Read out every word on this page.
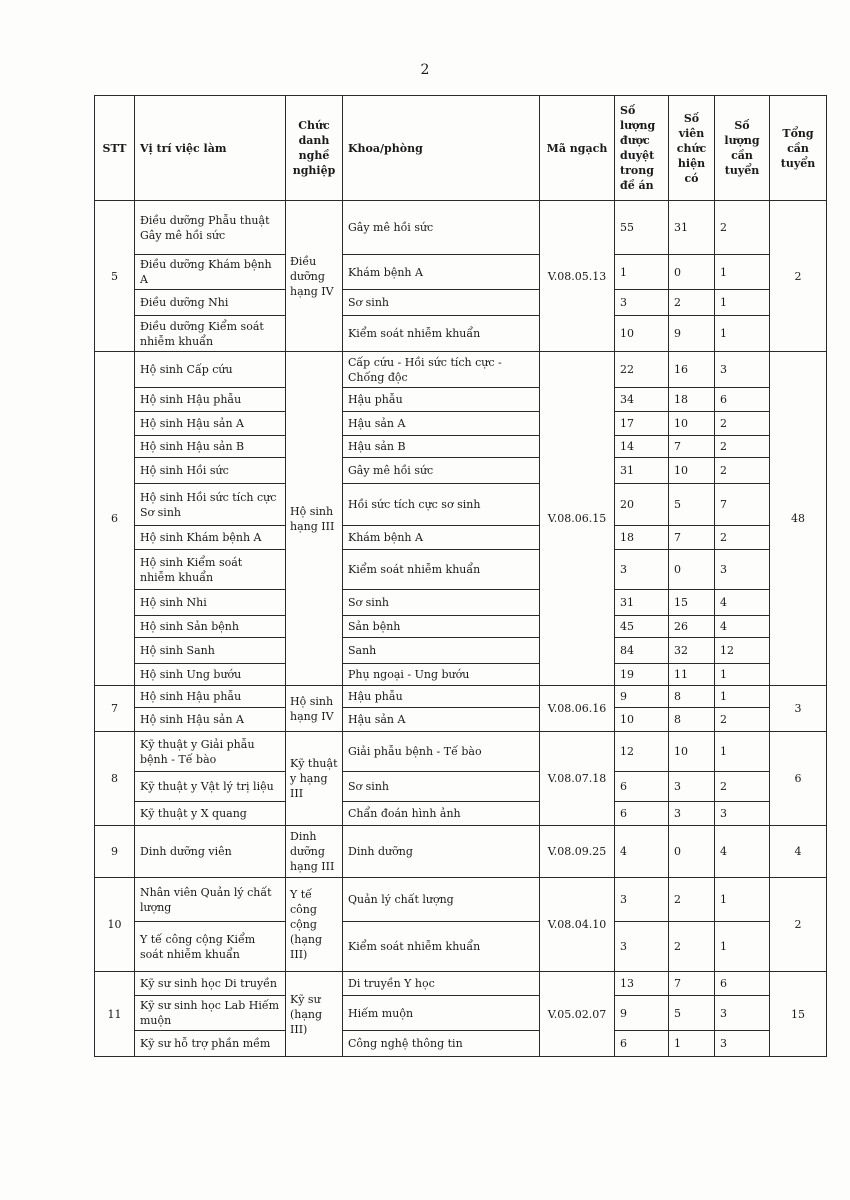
2
STT	Vị trí việc làm	Chức danh nghề nghiệp	Khoa/phòng	Mã ngạch	Số lượng được duyệt trong đề án	Số viên chức hiện có	Số lượng cần tuyển	Tổng cần tuyển
5	Điều dưỡng Phẫu thuật Gây mê hồi sức	Điều dưỡng hạng IV	Gây mê hồi sức	V.08.05.13	55	31	2	2
	Điều dưỡng Khám bệnh A		Khám bệnh A		1	0	1	
	Điều dưỡng Nhi		Sơ sinh		3	2	1	
	Điều dưỡng Kiểm soát nhiễm khuẩn		Kiểm soát nhiễm khuẩn		10	9	1	
6	Hộ sinh Cấp cứu	Hộ sinh hạng III	Cấp cứu - Hồi sức tích cực - Chống độc	V.08.06.15	22	16	3	48
	Hộ sinh Hậu phẫu		Hậu phẫu		34	18	6	
	Hộ sinh Hậu sản A		Hậu sản A		17	10	2	
	Hộ sinh Hậu sản B		Hậu sản B		14	7	2	
	Hộ sinh Hồi sức		Gây mê hồi sức		31	10	2	
	Hộ sinh Hồi sức tích cực Sơ sinh		Hồi sức tích cực sơ sinh		20	5	7	
	Hộ sinh Khám bệnh A		Khám bệnh A		18	7	2	
	Hộ sinh Kiểm soát nhiễm khuẩn		Kiểm soát nhiễm khuẩn		3	0	3	
	Hộ sinh Nhi		Sơ sinh		31	15	4	
	Hộ sinh Sản bệnh		Sản bệnh		45	26	4	
	Hộ sinh Sanh		Sanh		84	32	12	
	Hộ sinh Ung bướu		Phụ ngoại - Ung bướu		19	11	1	
7	Hộ sinh Hậu phẫu	Hộ sinh hạng IV	Hậu phẫu	V.08.06.16	9	8	1	3
	Hộ sinh Hậu sản A		Hậu sản A		10	8	2	
8	Kỹ thuật y Giải phẫu bệnh - Tế bào	Kỹ thuật y hạng III	Giải phẫu bệnh - Tế bào	V.08.07.18	12	10	1	6
	Kỹ thuật y Vật lý trị liệu		Sơ sinh		6	3	2	
	Kỹ thuật y X quang		Chẩn đoán hình ảnh		6	3	3	
9	Dinh dưỡng viên	Dinh dưỡng hạng III	Dinh dưỡng	V.08.09.25	4	0	4	4
10	Nhân viên Quản lý chất lượng	Y tế công cộng (hạng III)	Quản lý chất lượng	V.08.04.10	3	2	1	2
	Y tế công cộng Kiểm soát nhiễm khuẩn		Kiểm soát nhiễm khuẩn		3	2	1	
11	Kỹ sư sinh học Di truyền	Kỹ sư (hạng III)	Di truyền Y học	V.05.02.07	13	7	6	15
	Kỹ sư sinh học Lab Hiếm muộn		Hiếm muộn		9	5	3	
	Kỹ sư hỗ trợ phần mềm		Công nghệ thông tin		6	1	3	
